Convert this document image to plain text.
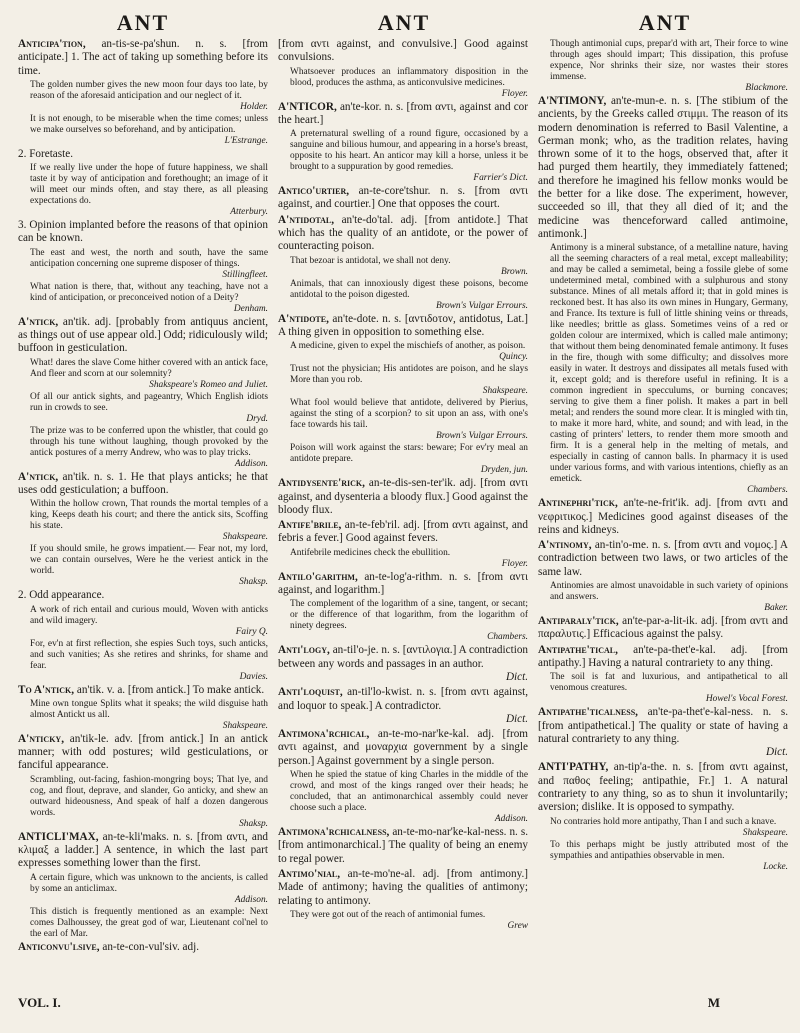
ANT	ANT	ANT
Anticipa'tion, an-tis-se-pa'shun. n. s. [from anticipate.] 1. The act of taking up something before its time.
The golden number gives the new moon four days too late, by reason of the aforesaid anticipation and our neglect of it.
Holder.
It is not enough, to be miserable when the time comes; unless we make ourselves so beforehand, and by anticipation.
L'Estrange.
2. Foretaste.
If we really live under the hope of future happiness, we shall taste it by way of anticipation and forethought; an image of it will meet our minds often, and stay there, as all pleasing expectations do.
Atterbury.
3. Opinion implanted before the reasons of that opinion can be known.
The east and west, the north and south, have the same anticipation concerning one supreme disposer of things.
Stillingfleet.
What nation is there, that, without any teaching, have not a kind of anticipation, or preconceived notion of a Deity?
Denham.
A'ntick, an'tik. adj. [probably from antiquus ancient, as things out of use appear old.] Odd; ridiculously wild; buffoon in gesticulation.
What! dares the slave Come hither covered with an antick face, And fleer and scorn at our solemnity?
Shakspeare's Romeo and Juliet.
Of all our antick sights, and pageantry, Which English idiots run in crowds to see.
Dryd.
The prize was to be conferred upon the whistler, that could go through his tune without laughing, though provoked by the antick postures of a merry Andrew, who was to play tricks.
Addison.
A'ntick, an'tik. n. s. 1. He that plays anticks; he that uses odd gesticulation; a buffoon.
Within the hollow crown, That rounds the mortal temples of a king, Keeps death his court; and there the antick sits, Scoffing his state.
Shakspeare.
If you should smile, he grows impatient.— Fear not, my lord, we can contain ourselves, Were he the veriest antick in the world.
Shaksp.
2. Odd appearance.
A work of rich entail and curious mould, Woven with anticks and wild imagery.
Fairy Q.
For, ev'n at first reflection, she espies Such toys, such anticks, and such vanities; As she retires and shrinks, for shame and fear.
Davies.
To A'ntick, an'tik. v. a. [from antick.] To make antick.
Mine own tongue Splits what it speaks; the wild disguise hath almost Antickt us all.
Shakspeare.
A'nticky, an'tik-le. adv. [from antick.] In an antick manner; with odd postures; wild gesticulations, or fanciful appearance.
Scrambling, out-facing, fashion-mongring boys; That lye, and cog, and flout, deprave, and slander, Go anticky, and shew an outward hideousness, And speak of half a dozen dangerous words.
Shaksp.
ANTICLI'MAX, an-te-kli'maks. n. s. [from αντι, and κλιμαξ a ladder.] A sentence, in which the last part expresses something lower than the first.
A certain figure, which was unknown to the ancients, is called by some an anticlimax.
Addison.
This distich is frequently mentioned as an example: Next comes Dalhoussey, the great god of war, Lieutenant col'nel to the earl of Mar.
Anticonvu'lsive, an-te-con-vul'siv. adj.
[from αντι against, and convulsive.] Good against convulsions.
Whatsoever produces an inflammatory disposition in the blood, produces the asthma, as anticonvulsive medicines.
Floyer.
A'NTICOR, an'te-kor. n. s. [from αντι, against and cor the heart.]
A preternatural swelling of a round figure, occasioned by a sanguine and bilious humour, and appearing in a horse's breast, opposite to his heart. An anticor may kill a horse, unless it be brought to a suppuration by good remedies.
Farrier's Dict.
Antico'urtier, an-te-core'tshur. n. s. [from αντι against, and courtier.] One that opposes the court.
A'ntidotal, an'te-do'tal. adj. [from antidote.] That which has the quality of an antidote, or the power of counteracting poison.
That bezoar is antidotal, we shall not deny.
Brown.
Animals, that can innoxiously digest these poisons, become antidotal to the poison digested.
Brown's Vulgar Errours.
A'ntidote, an'te-dote. n. s. [αντιδοτον, antidotus, Lat.] A thing given in opposition to something else.
A medicine, given to expel the mischiefs of another, as poison.
Quincy.
Trust not the physician; His antidotes are poison, and he slays More than you rob.
Shakspeare.
What fool would believe that antidote, delivered by Pierius, against the sting of a scorpion? to sit upon an ass, with one's face towards his tail.
Brown's Vulgar Errours.
Poison will work against the stars: beware; For ev'ry meal an antidote prepare.
Dryden, jun.
Antidysente'rick, an-te-dis-sen-ter'ik. adj. [from αντι against, and dysenteria a bloody flux.] Good against the bloody flux.
Antife'brile, an-te-feb'ril. adj. [from αντι against, and febris a fever.] Good against fevers.
Antifebrile medicines check the ebullition.
Floyer.
Antilo'garithm, an-te-log'a-rithm. n. s. [from αντι against, and logarithm.]
The complement of the logarithm of a sine, tangent, or secant; or the difference of that logarithm, from the logarithm of ninety degrees.
Chambers.
Anti'logy, an-til'o-je. n. s. [αντιλογια.] A contradiction between any words and passages in an author.
Dict.
Anti'loquist, an-til'lo-kwist. n. s. [from αντι against, and loquor to speak.] A contradictor.
Dict.
Antimona'rchical, an-te-mo-nar'ke-kal. adj. [from αντι against, and μοναρχια government by a single person.] Against government by a single person.
When he spied the statue of king Charles in the middle of the crowd, and most of the kings ranged over their heads; he concluded, that an antimonarchical assembly could never choose such a place.
Addison.
Antimona'rchicalness, an-te-mo-nar'ke-kal-ness. n. s. [from antimonarchical.] The quality of being an enemy to regal power.
Antimo'nial, an-te-mo'ne-al. adj. [from antimony.] Made of antimony; having the qualities of antimony; relating to antimony.
They were got out of the reach of antimonial fumes.
Grew
Though antimonial cups, prepar'd with art, Their force to wine through ages should impart; This dissipation, this profuse expence, Nor shrinks their size, nor wastes their stores immense.
Blackmore.
A'NTIMONY, an'te-mun-e. n. s. [The stibium of the ancients, by the Greeks called στιμμι. The reason of its modern denomination is referred to Basil Valentine, a German monk; who, as the tradition relates, having thrown some of it to the hogs, observed that, after it had purged them heartily, they immediately fattened; and therefore he imagined his fellow monks would be the better for a like dose. The experiment, however, succeeded so ill, that they all died of it; and the medicine was thenceforward called antimoine, antimonk.]
Antimony is a mineral substance, of a metalline nature, having all the seeming characters of a real metal, except malleability; and may be called a semimetal, being a fossile glebe of some undetermined metal, combined with a sulphurous and stony substance. Mines of all metals afford it; that in gold mines is reckoned best. It has also its own mines in Hungary, Germany, and France. Its texture is full of little shining veins or threads, like needles; brittle as glass. Sometimes veins of a red or golden colour are intermixed, which is called male antimony; that without them being denominated female antimony. It fuses in the fire, though with some difficulty; and dissolves more easily in water. It destroys and dissipates all metals fused with it, except gold; and is therefore useful in refining. It is a common ingredient in specculums, or burning concaves; serving to give them a finer polish. It makes a part in bell metal; and renders the sound more clear. It is mingled with tin, to make it more hard, white, and sound; and with lead, in the casting of printers' letters, to render them more smooth and firm. It is a general help in the melting of metals, and especially in casting of cannon balls. In pharmacy it is used under various forms, and with various intentions, chiefly as an emetick.
Chambers.
Antinephri'tick, an'te-ne-frit'ik. adj. [from αντι and νεφριτικος.] Medicines good against diseases of the reins and kidneys.
A'ntinomy, an-tin'o-me. n. s. [from αντι and νομος.] A contradiction between two laws, or two articles of the same law.
Antinomies are almost unavoidable in such variety of opinions and answers.
Baker.
Antiparaly'tick, an'te-par-a-lit-ik. adj. [from αντι and παραλυτις.] Efficacious against the palsy.
Antipathe'tical, an'te-pa-thet'e-kal. adj. [from antipathy.] Having a natural contrariety to any thing.
The soil is fat and luxurious, and antipathetical to all venomous creatures.
Howel's Vocal Forest.
Antipathe'ticalness, an'te-pa-thet'e-kal-ness. n. s. [from antipathetical.] The quality or state of having a natural contrariety to any thing.
Dict.
ANTI'PATHY, an-tip'a-the. n. s. [from αντι against, and παθος feeling; antipathie, Fr.] 1. A natural contrariety to any thing, so as to shun it involuntarily; aversion; dislike. It is opposed to sympathy.
No contraries hold more antipathy, Than I and such a knave.
Shakspeare.
To this perhaps might be justly attributed most of the sympathies and antipathies observable in men.
Locke.
VOL. I.	M
